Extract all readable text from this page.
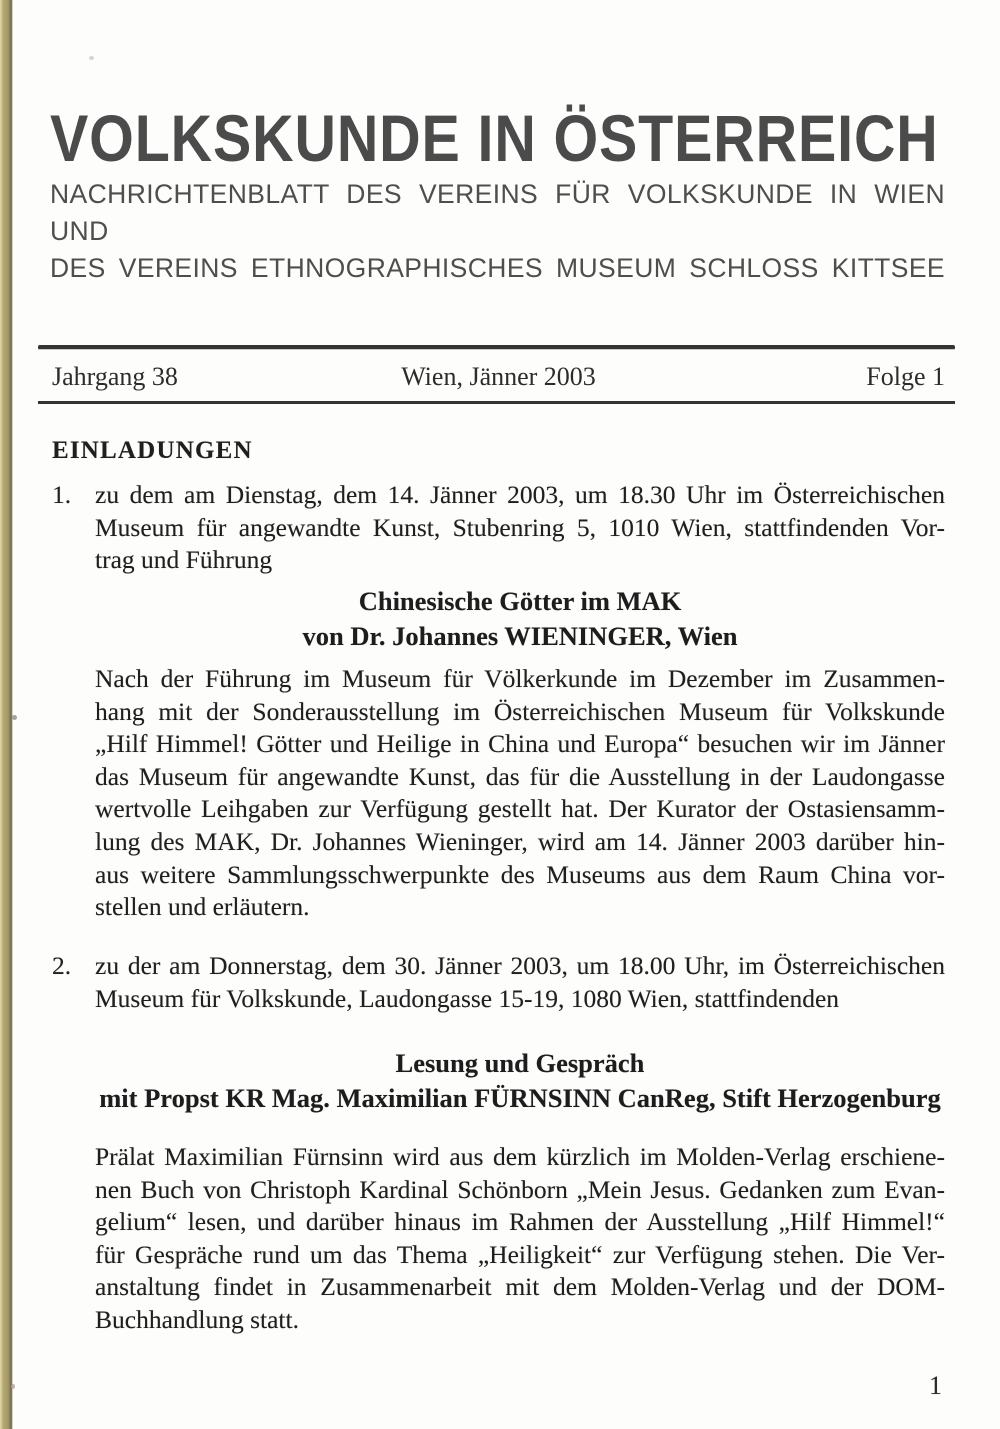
VOLKSKUNDE IN ÖSTERREICH
NACHRICHTENBLATT DES VEREINS FÜR VOLKSKUNDE IN WIEN UND
DES VEREINS ETHNOGRAPHISCHES MUSEUM SCHLOSS KITTSEE
Jahrgang 38	Wien, Jänner 2003	Folge 1
EINLADUNGEN
1. zu dem am Dienstag, dem 14. Jänner 2003, um 18.30 Uhr im Österreichischen
Museum für angewandte Kunst, Stubenring 5, 1010 Wien, stattfindenden Vor-
trag und Führung
Chinesische Götter im MAK
von Dr. Johannes WIENINGER, Wien
Nach der Führung im Museum für Völkerkunde im Dezember im Zusammen-
hang mit der Sonderausstellung im Österreichischen Museum für Volkskunde
„Hilf Himmel! Götter und Heilige in China und Europa“ besuchen wir im Jänner
das Museum für angewandte Kunst, das für die Ausstellung in der Laudongasse
wertvolle Leihgaben zur Verfügung gestellt hat. Der Kurator der Ostasiensamm-
lung des MAK, Dr. Johannes Wieninger, wird am 14. Jänner 2003 darüber hin-
aus weitere Sammlungsschwerpunkte des Museums aus dem Raum China vor-
stellen und erläutern.
2. zu der am Donnerstag, dem 30. Jänner 2003, um 18.00 Uhr, im Österreichischen
Museum für Volkskunde, Laudongasse 15-19, 1080 Wien, stattfindenden
Lesung und Gespräch
mit Propst KR Mag. Maximilian FÜRNSINN CanReg, Stift Herzogenburg
Prälat Maximilian Fürnsinn wird aus dem kürzlich im Molden-Verlag erschiene-
nen Buch von Christoph Kardinal Schönborn „Mein Jesus. Gedanken zum Evan-
gelium“ lesen, und darüber hinaus im Rahmen der Ausstellung „Hilf Himmel!“
für Gespräche rund um das Thema „Heiligkeit“ zur Verfügung stehen. Die Ver-
anstaltung findet in Zusammenarbeit mit dem Molden-Verlag und der DOM-
Buchhandlung statt.
1
